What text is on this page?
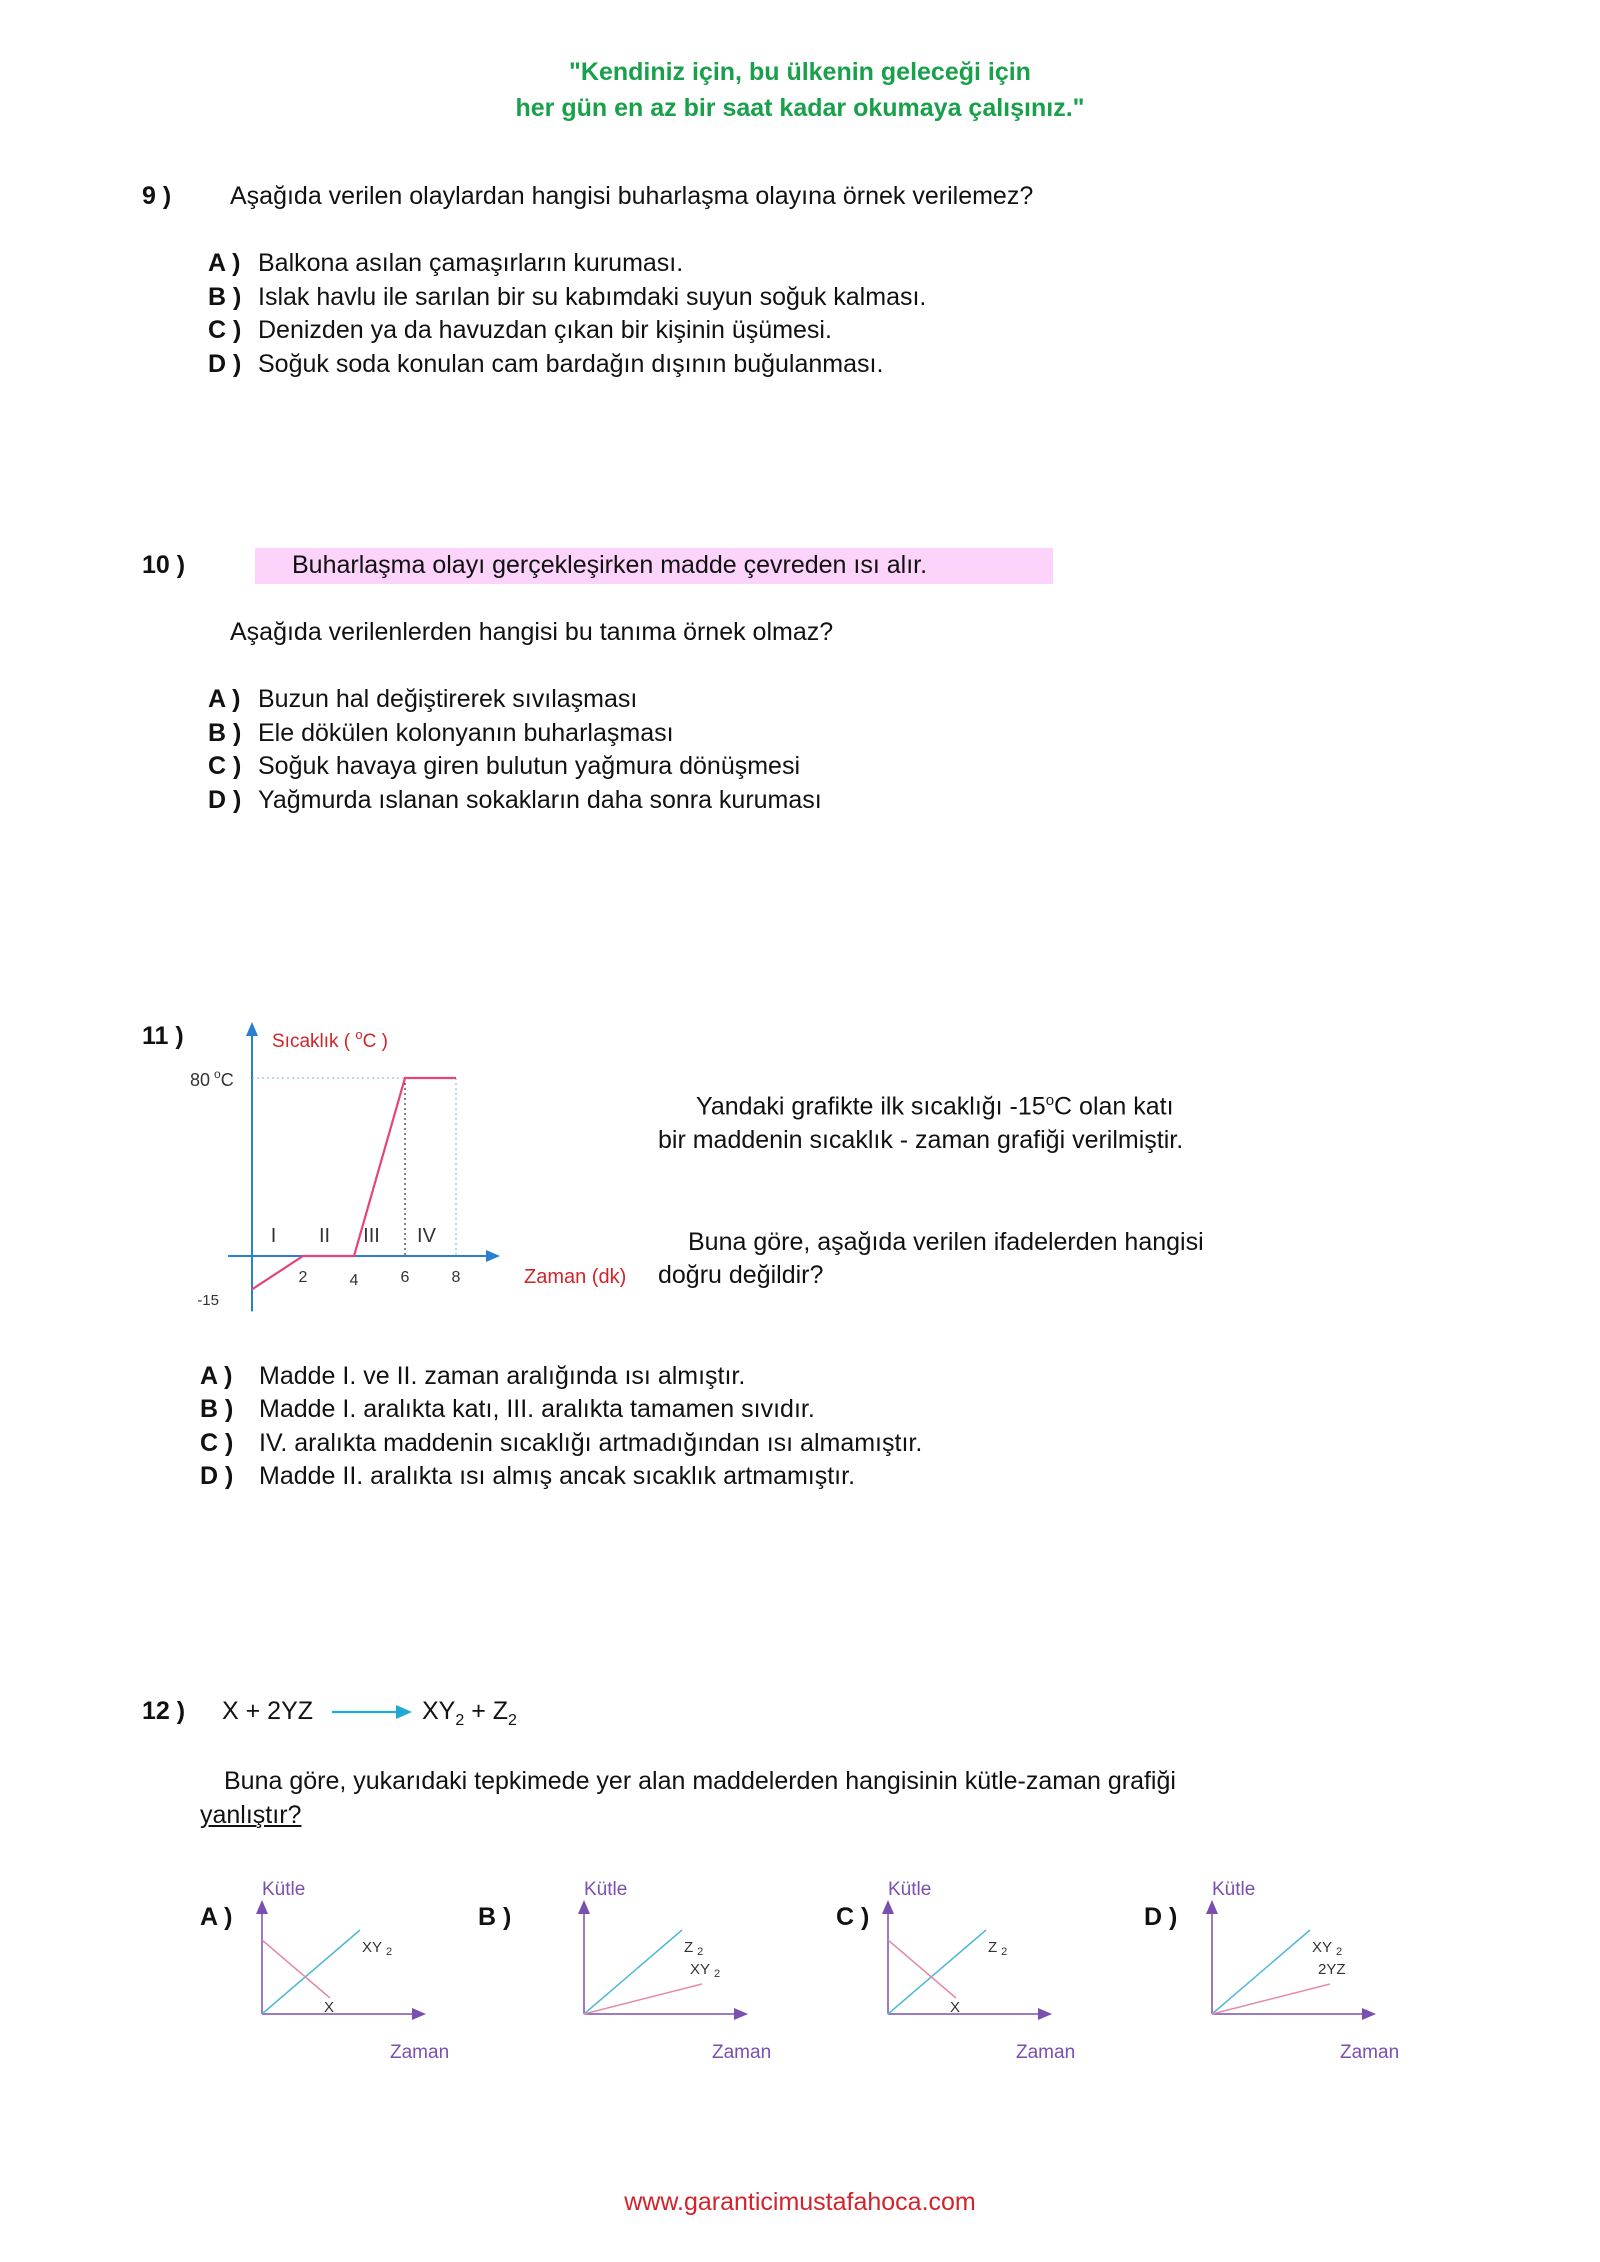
"Kendiniz için, bu ülkenin geleceği için
her gün en az bir saat kadar okumaya çalışınız."
9 ) Aşağıda verilen olaylardan hangisi buharlaşma olayına örnek verilemez?
A ) Balkona asılan çamaşırların kuruması.
B ) Islak havlu ile sarılan bir su kabımdaki suyun soğuk kalması.
C ) Denizden ya da havuzdan çıkan bir kişinin üşümesi.
D ) Soğuk soda konulan cam bardağın dışının buğulanması.
10 )	Buharlaşma olayı gerçekleşirken madde çevreden ısı alır.
Aşağıda verilenlerden hangisi bu tanıma örnek olmaz?
A ) Buzun hal değiştirerek sıvılaşması
B ) Ele dökülen kolonyanın buharlaşması
C ) Soğuk havaya giren bulutun yağmura dönüşmesi
D ) Yağmurda ıslanan sokakların daha sonra kuruması
11 )	Sıcaklık ( $^o$C )
80 $^o$C
-15
2	4	6	8
I II III IV
Zaman (dk)
Yandaki grafikte ilk sıcaklığı -15$^o$C olan katı
bir maddenin sıcaklık - zaman grafiği verilmiştir.
Buna göre, aşağıda verilen ifadelerden hangisi
doğru değildir?
A ) Madde I. ve II. zaman aralığında ısı almıştır.
B ) Madde I. aralıkta katı, III. aralıkta tamamen sıvıdır.
C ) IV. aralıkta maddenin sıcaklığı artmadığından ısı almamıştır.
D ) Madde II. aralıkta ısı almış ancak sıcaklık artmamıştır.
12 ) X + 2YZ	$XY_2 + Z_2$
Buna göre, yukarıdaki tepkimede yer alan maddelerden hangisinin kütle-zaman grafiği
yanlıştır?
A )	B )	C )	D )
Kütle
Zaman
XY $_2$
X
Kütle
Zaman
Z $_2$
XY $_2$
Kütle
Zaman
Z $_2$
X
Kütle
Zaman
XY $_2$
2YZ
www.garanticimustafahoca.com
